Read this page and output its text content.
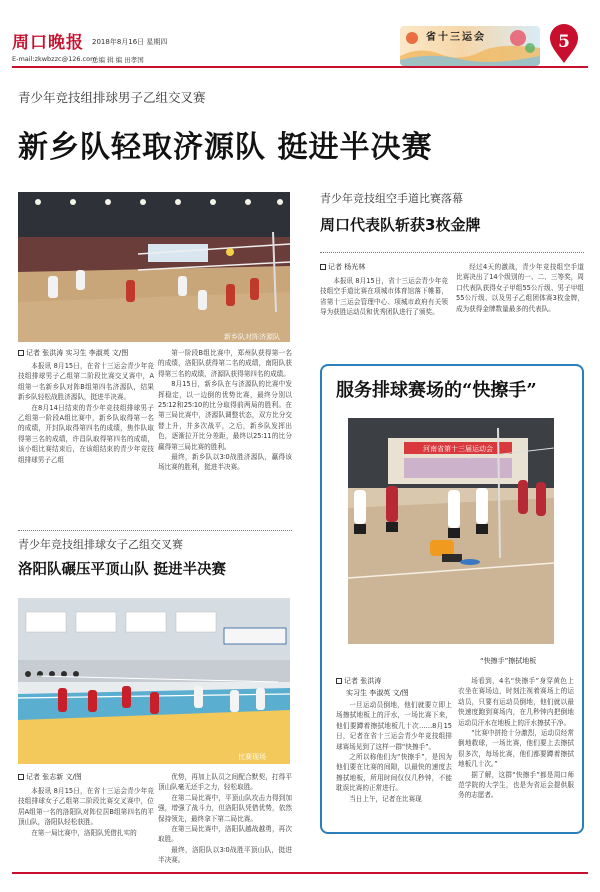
周口晚报 2018年8月16日 星期四
E-mail:zkwbzzc@126.com
总编 辑 编 田孝国
省十三运会	5
青少年竞技组排球男子乙组交叉赛
新乡队轻取济源队 挺进半决赛
新乡队对阵济源队
记者 张洪涛 实习生 李淑英 文/图

本报讯 8月15日，在省十三运会青少年竞技组排球男子乙组第二阶段比赛交叉赛中，A组第一名新乡队对阵B组第四名济源队，结果新乡队轻松战胜济源队，挺进半决赛。

在8月14日结束的青少年竞技组排球男子乙组第一阶段A组比赛中，新乡队取得第一名的成绩，开封队取得第四名的成绩，焦作队取得第三名的成绩，许昌队取得第四名的成绩，该小组比赛结束后，在该组结束的青少年竞技组排球男子乙组

第一阶段B组比赛中，郑州队获得第一名的成绩，洛阳队获得第二名的成绩，南阳队获得第三名的成绩，济源队获得第四名的成绩。

8月15日，新乡队在与济源队的比赛中发挥稳定，以一边倒的优势比赛，最终分别以25∶12和25∶10的比分取得前两局的胜利。在第三局比赛中，济源队调整状态，双方比分交替上升，并多次战平，之后，新乡队发挥出色，逐渐拉开比分差距，最终以25∶11的比分赢得第三局比赛的胜利。

最终，新乡队以3∶0战胜济源队，赢得该场比赛的胜利，挺进半决赛。

青少年竞技组空手道比赛落幕
周口代表队斩获3枚金牌
记者 杨光林

本报讯 8月15日，省十三运会青少年竞技组空手道比赛在项城市体育馆落下帷幕，省第十三运会管理中心、项城市政府有关领导为获胜运动员和优秀团队进行了颁奖。

经过4天的激战，青少年竞技组空手道比赛决出了14个级别的一、二、三等奖，周口代表队获得女子甲组55公斤级、男子甲组55公斤级、以及男子乙组团体赛3枚金牌，成为获得金牌数量最多的代表队。

服务排球赛场的“快擦手”
河南省第十三届运动会
“快擦手”擦拭地板
记者 张洪涛
实习生 李淑英 文/图

一旦运动员倒地，他们就要立即上场擦拭地板上的汗水，一场比赛下来，他们要蹲着擦拭地板几十次……8月15日，记者在省十三运会青少年竞技组排球赛场见到了这样一群“快擦手”。

之所以称他们为“快擦手”，是因为他们要在比赛的间隙，以最快的速度去擦拭地板，所用时间仅仅几秒钟，不能耽误比赛的正常进行。

当日上午，记者在比赛现

场看到，4名“快擦手”身穿黄色上衣坐在赛场边，时刻注视着赛场上的运动员，只要有运动员倒地，他们就以最快速度跑到赛场内，在几秒钟内把倒地运动员汗水在地板上的汗水擦拭干净。

“比赛中拼抢十分激烈，运动员经常倒地救球，一场比赛，他们要上去擦拭很多次，每场比赛，他们都要蹲着擦拭地板几十次。”

据了解，这群“快擦手”都是周口师范学院的大学生，也是为省运会提供服务的志愿者。

青少年竞技组排球女子乙组交叉赛
洛阳队碾压平顶山队 挺进半决赛
比赛现场
记者 张志新 文/图

本报讯 8月15日，在省十三运会青少年竞技组排球女子乙组第二阶段比赛交叉赛中，位居A组第一名的洛阳队对阵位居B组第四名的平顶山队，洛阳队轻松获胜。

在第一局比赛中，洛阳队凭借扎实的

优势，再加上队员之间配合默契，打得平顶山队毫无还手之力，轻松取胜。

在第二局比赛中，平顶山队攻击力得到加强，增强了战斗力，但洛阳队凭借优势，依然保持领先，最终拿下第二局比赛。

在第三局比赛中，洛阳队越战越勇，再次取胜。

最终，洛阳队以3∶0战胜平顶山队，挺进半决赛。
